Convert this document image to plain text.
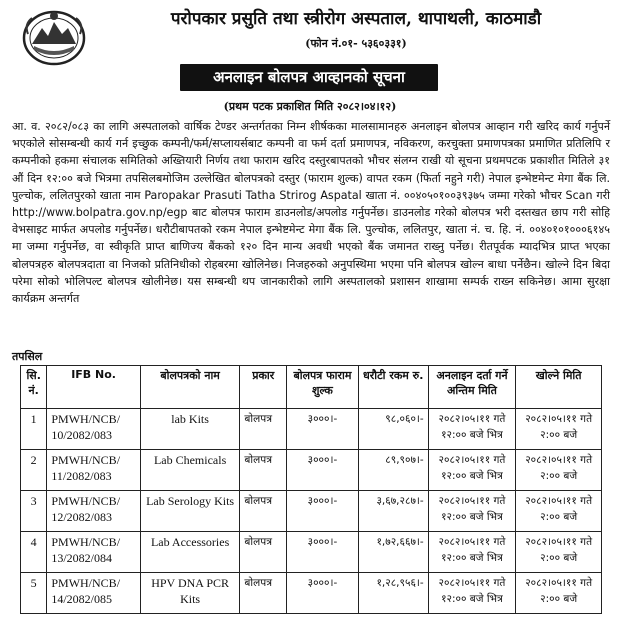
परोपकार प्रसुति तथा स्त्रीरोग अस्पताल, थापाथली, काठमाडौ
(फोन नं.०१- ५३६०३३१)
अनलाइन बोलपत्र आव्हानको सूचना
(प्रथम पटक प्रकाशित मिति २०८२।०४।१२)

आ. व. २०८२/०८३ का लागि अस्पतालको वार्षिक टेण्डर अन्तर्गतका निम्न शीर्षकका मालसामानहरु अनलाइन बोलपत्र आव्हान गरी खरिद कार्य गर्नुपर्ने भएकोले सोसम्बन्धी कार्य गर्न इच्छुक कम्पनी/फर्म/सप्लायर्सबाट कम्पनी वा फर्म दर्ता प्रमाणपत्र, नविकरण, करचुक्ता प्रमाणपत्रका प्रमाणित प्रतिलिपि र कम्पनीको हकमा संचालक समितिको अख्तियारी निर्णय तथा फाराम खरिद दस्तुरबापतको भौचर संलग्न राखी यो सूचना प्रथमपटक प्रकाशीत मितिले ३१ औं दिन १२:०० बजे भित्रमा तपसिलबमोजिम उल्लेखित बोलपत्रको दस्तुर (फाराम शुल्क) वापत रकम (फिर्ता नहुने गरी) नेपाल इन्भेष्टमेन्ट मेगा बैंक लि. पुल्चोक, ललितपुरको खाता नाम Paropakar Prasuti Tatha Strirog Aspatal खाता नं. ००४०५०१००३९३७५ जम्मा गरेको भौचर Scan गरी http://www.bolpatra.gov.np/egp बाट बोलपत्र फाराम डाउनलोड/अपलोड गर्नुपर्नेछ। डाउनलोड गरेको बोलपत्र भरी दस्तखत छाप गरी सोहि वेभसाइट मार्फत अपलोड गर्नुपर्नेछ। धरौटीबापतको रकम नेपाल इन्भेष्टमेन्ट मेगा बैंक लि. पुल्चोक, ललितपुर, खाता नं. च. हि. नं. ००४०१०१०००६१४५ मा जम्मा गर्नुपर्नेछ, वा स्वीकृति प्राप्त बाणिज्य बैंकको १२० दिन मान्य अवधी भएको बैंक जमानत राख्नु पर्नेछ। रीतपूर्वक म्यादभित्र प्राप्त भएका बोलपत्रहरु बोलपत्रदाता वा निजको प्रतिनिधीको रोहबरमा खोलिनेछ। निजहरुको अनुपस्थिमा भएमा पनि बोलपत्र खोल्न बाधा पर्नेछैन। खोल्ने दिन बिदा परेमा सोको भोलिपल्ट बोलपत्र खोलीनेछ। यस सम्बन्धी थप जानकारीको लागि अस्पतालको प्रशासन शाखामा सम्पर्क राख्न सकिनेछ। आमा सुरक्षा कार्यक्रम अन्तर्गत

तपसिल
सि. नं.	IFB No.	बोलपत्रको नाम	प्रकार	बोलपत्र फाराम शुल्क	धरौटी रकम रु.	अनलाइन दर्ता गर्ने अन्तिम मिति	खोल्ने मिति
1	PMWH/NCB/ 10/2082/083	lab Kits	बोलपत्र	३०००।-	९८,०६०।-	२०८२।०५।११ गते १२:०० बजे भित्र	२०८२।०५।११ गते २:०० बजे
2	PMWH/NCB/ 11/2082/083	Lab Chemicals	बोलपत्र	३०००।-	८९,९०७।-	२०८२।०५।११ गते १२:०० बजे भित्र	२०८२।०५।११ गते २:०० बजे
3	PMWH/NCB/ 12/2082/083	Lab Serology Kits	बोलपत्र	३०००।-	३,६७,२८७।-	२०८२।०५।११ गते १२:०० बजे भित्र	२०८२।०५।११ गते २:०० बजे
4	PMWH/NCB/ 13/2082/084	Lab Accessories	बोलपत्र	३०००।-	१,७२,६६७।-	२०८२।०५।११ गते १२:०० बजे भित्र	२०८२।०५।११ गते २:०० बजे
5	PMWH/NCB/ 14/2082/085	HPV DNA PCR Kits	बोलपत्र	३०००।-	१,२८,९५६।-	२०८२।०५।११ गते १२:०० बजे भित्र	२०८२।०५।११ गते २:०० बजे
